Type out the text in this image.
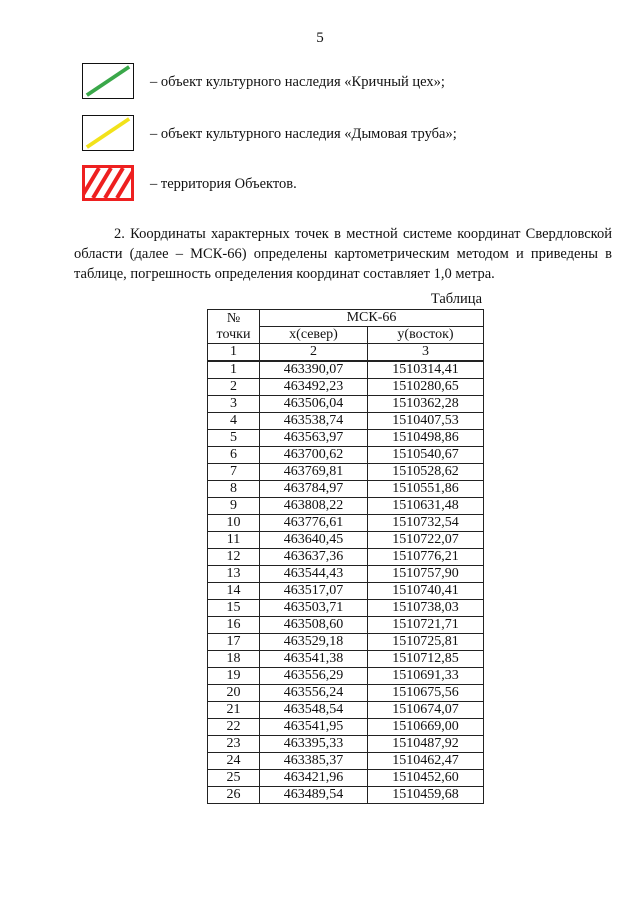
5
– объект культурного наследия «Кричный цех»;
– объект культурного наследия «Дымовая труба»;
– территория Объектов.
2. Координаты характерных точек в местной системе координат Свердловской области (далее – МСК-66) определены картометрическим методом и приведены в таблице, погрешность определения координат составляет 1,0 метра.
Таблица
№
точки	МСК-66	
	x(север)	y(восток)
1	2	3
1	463390,07	1510314,41
2	463492,23	1510280,65
3	463506,04	1510362,28
4	463538,74	1510407,53
5	463563,97	1510498,86
6	463700,62	1510540,67
7	463769,81	1510528,62
8	463784,97	1510551,86
9	463808,22	1510631,48
10	463776,61	1510732,54
11	463640,45	1510722,07
12	463637,36	1510776,21
13	463544,43	1510757,90
14	463517,07	1510740,41
15	463503,71	1510738,03
16	463508,60	1510721,71
17	463529,18	1510725,81
18	463541,38	1510712,85
19	463556,29	1510691,33
20	463556,24	1510675,56
21	463548,54	1510674,07
22	463541,95	1510669,00
23	463395,33	1510487,92
24	463385,37	1510462,47
25	463421,96	1510452,60
26	463489,54	1510459,68
